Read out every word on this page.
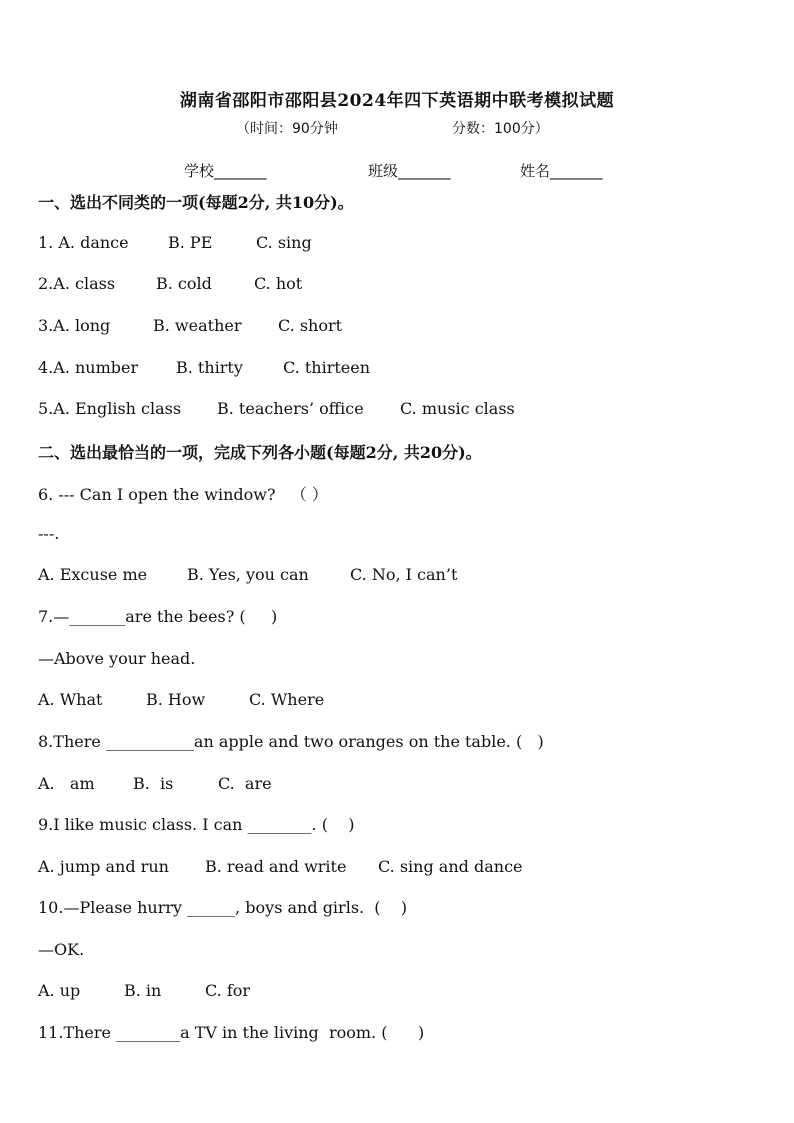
湖南省邵阳市邵阳县2024年四下英语期中联考模拟试题
（时间：90分钟	分数：100分）
学校_______	班级_______	姓名_______
一、选出不同类的一项(每题2分, 共10分)。
1. A. dance B. PE	C. sing
2.A. class	B. cold	C. hot
3.A. long	B. weather C. short
4.A. number B. thirty	C. thirteen
5.A. English class B. teachers’ office C. music class
二、选出最恰当的一项，完成下列各小题(每题2分, 共20分)。
6. --- Can I open the window?   （ ）
---.
A. Excuse me B. Yes, you can	C. No, I can’t
7.—_______are the bees? (     )
—Above your head.
A. What	B. How	C. Where
8.There ___________an apple and two oranges on the table. (   )
A.   am B.  is	C.  are
9.I like music class. I can ________. (    )
A. jump and run B. read and write C. sing and dance
10.—Please hurry ______, boys and girls.  (    )
—OK.
A. up	B. in	C. for
11.There ________a TV in the living  room. (      )
